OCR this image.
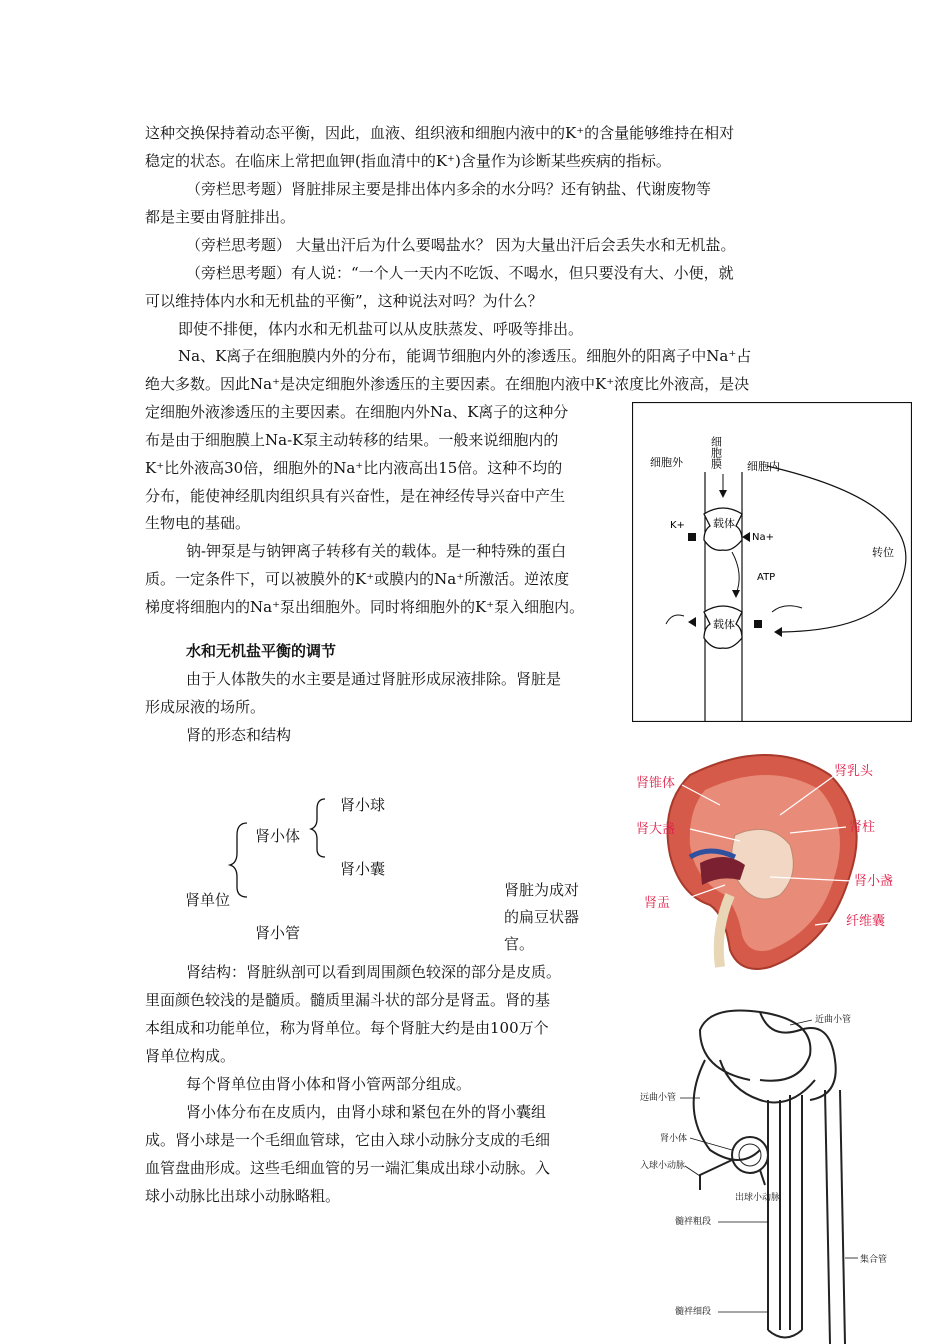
这种交换保持着动态平衡，因此，血液、组织液和细胞内液中的K⁺的含量能够维持在相对
稳定的状态。在临床上常把血钾(指血清中的K⁺)含量作为诊断某些疾病的指标。
（旁栏思考题）肾脏排尿主要是排出体内多余的水分吗？还有钠盐、代谢废物等
都是主要由肾脏排出。
（旁栏思考题） 大量出汗后为什么要喝盐水？ 因为大量出汗后会丢失水和无机盐。
（旁栏思考题）有人说：“一个人一天内不吃饭、不喝水，但只要没有大、小便，就
可以维持体内水和无机盐的平衡”，这种说法对吗？为什么？
即使不排便，体内水和无机盐可以从皮肤蒸发、呼吸等排出。
Na、K离子在细胞膜内外的分布，能调节细胞内外的渗透压。细胞外的阳离子中Na⁺占
绝大多数。因此Na⁺是决定细胞外渗透压的主要因素。在细胞内液中K⁺浓度比外液高，是决
定细胞外液渗透压的主要因素。在细胞内外Na、K离子的这种分
布是由于细胞膜上Na-K泵主动转移的结果。一般来说细胞内的
K⁺比外液高30倍，细胞外的Na⁺比内液高出15倍。这种不均的
分布，能使神经肌肉组织具有兴奋性，是在神经传导兴奋中产生
生物电的基础。
钠-钾泵是与钠钾离子转移有关的载体。是一种特殊的蛋白
质。一定条件下，可以被膜外的K⁺或膜内的Na⁺所激活。逆浓度
梯度将细胞内的Na⁺泵出细胞外。同时将细胞外的K⁺泵入细胞内。
水和无机盐平衡的调节
由于人体散失的水主要是通过肾脏形成尿液排除。肾脏是
形成尿液的场所。
肾的形态和结构
肾小球
肾小体
肾小囊
肾单位
肾小管
肾脏为成对
的扁豆状器
官。
肾结构：肾脏纵剖可以看到周围颜色较深的部分是皮质。
里面颜色较浅的是髓质。髓质里漏斗状的部分是肾盂。肾的基
本组成和功能单位，称为肾单位。每个肾脏大约是由100万个
肾单位构成。
每个肾单位由肾小体和肾小管两部分组成。
肾小体分布在皮质内，由肾小球和紧包在外的肾小囊组
成。肾小球是一个毛细血管球，它由入球小动脉分支成的毛细
血管盘曲形成。这些毛细血管的另一端汇集成出球小动脉。入
球小动脉比出球小动脉略粗。
细胞外	细胞内
细胞膜
载体
K+
Na+
ATP
载体
转位
肾锥体
肾乳头
肾大盏	肾柱
肾小盏
肾盂
纤维囊
近曲小管
远曲小管
肾小体
入球小动脉
出球小动脉
髓袢粗段
集合管
髓袢细段
